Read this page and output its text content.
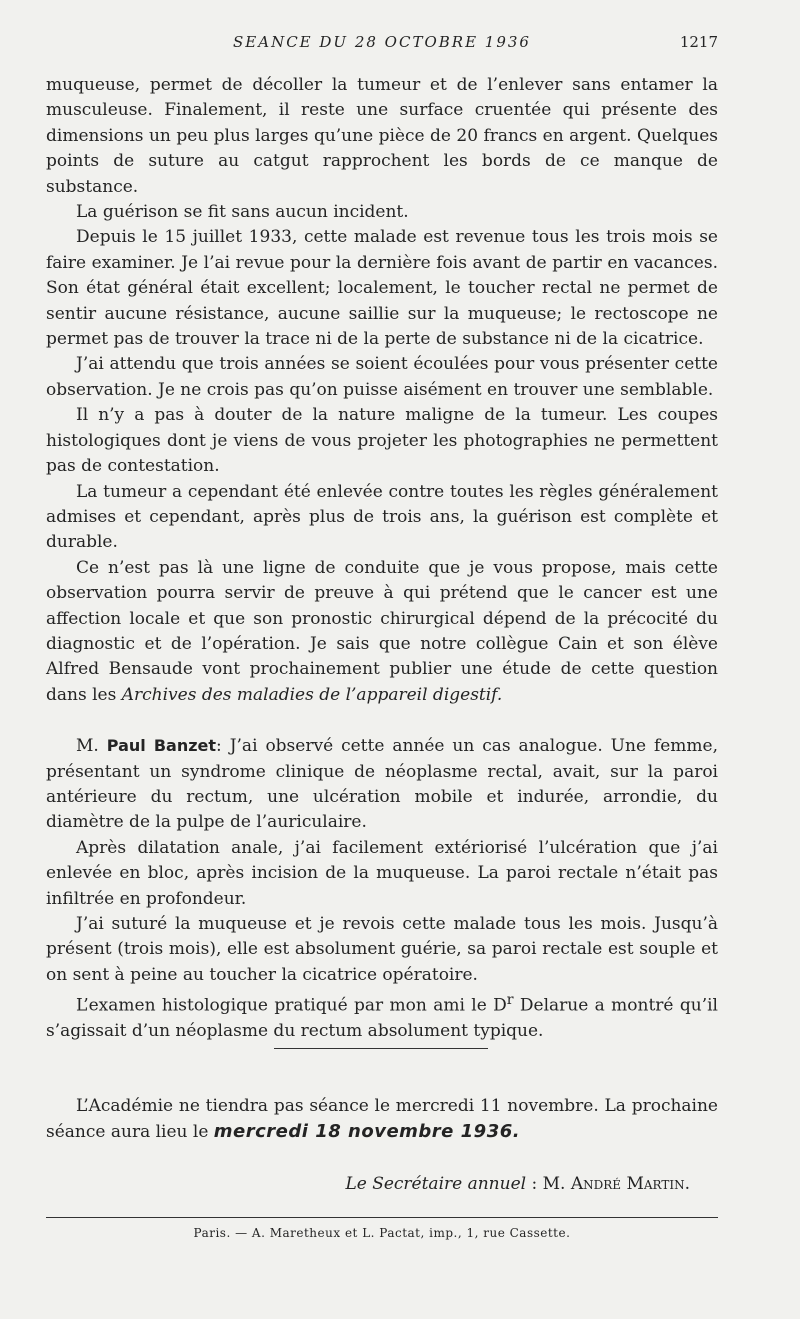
SEANCE DU 28 OCTOBRE 1936	1217

muqueuse, permet de décoller la tumeur et de l’enlever sans entamer la musculeuse. Finalement, il reste une surface cruentée qui présente des dimensions un peu plus larges qu’une pièce de 20 francs en argent. Quelques points de suture au catgut rapprochent les bords de ce manque de substance.

La guérison se fit sans aucun incident.

Depuis le 15 juillet 1933, cette malade est revenue tous les trois mois se faire examiner. Je l’ai revue pour la dernière fois avant de partir en vacances. Son état général était excellent; localement, le toucher rectal ne permet de sentir aucune résistance, aucune saillie sur la muqueuse; le rectoscope ne permet pas de trouver la trace ni de la perte de substance ni de la cicatrice.

J’ai attendu que trois années se soient écoulées pour vous présenter cette observation. Je ne crois pas qu’on puisse aisément en trouver une semblable.

Il n’y a pas à douter de la nature maligne de la tumeur. Les coupes histologiques dont je viens de vous projeter les photographies ne permettent pas de contestation.

La tumeur a cependant été enlevée contre toutes les règles généralement admises et cependant, après plus de trois ans, la guérison est complète et durable.

Ce n’est pas là une ligne de conduite que je vous propose, mais cette observation pourra servir de preuve à qui prétend que le cancer est une affection locale et que son pronostic chirurgical dépend de la précocité du diagnostic et de l’opération. Je sais que notre collègue Cain et son élève Alfred Bensaude vont prochainement publier une étude de cette question dans les Archives des maladies de l’appareil digestif.

M. Paul Banzet: J’ai observé cette année un cas analogue. Une femme, présentant un syndrome clinique de néoplasme rectal, avait, sur la paroi antérieure du rectum, une ulcération mobile et indurée, arrondie, du diamètre de la pulpe de l’auriculaire.

Après dilatation anale, j’ai facilement extériorisé l’ulcération que j’ai enlevée en bloc, après incision de la muqueuse. La paroi rectale n’était pas infiltrée en profondeur.

J’ai suturé la muqueuse et je revois cette malade tous les mois. Jusqu’à présent (trois mois), elle est absolument guérie, sa paroi rectale est souple et on sent à peine au toucher la cicatrice opératoire.

L’examen histologique pratiqué par mon ami le $D^r$ Delarue a montré qu’il s’agissait d’un néoplasme du rectum absolument typique.

L’Académie ne tiendra pas séance le mercredi 11 novembre. La prochaine séance aura lieu le mercredi 18 novembre 1936.

Le Secrétaire annuel : M. André Martin.
Paris. — A. Maretheux et L. Pactat, imp., 1, rue Cassette.
